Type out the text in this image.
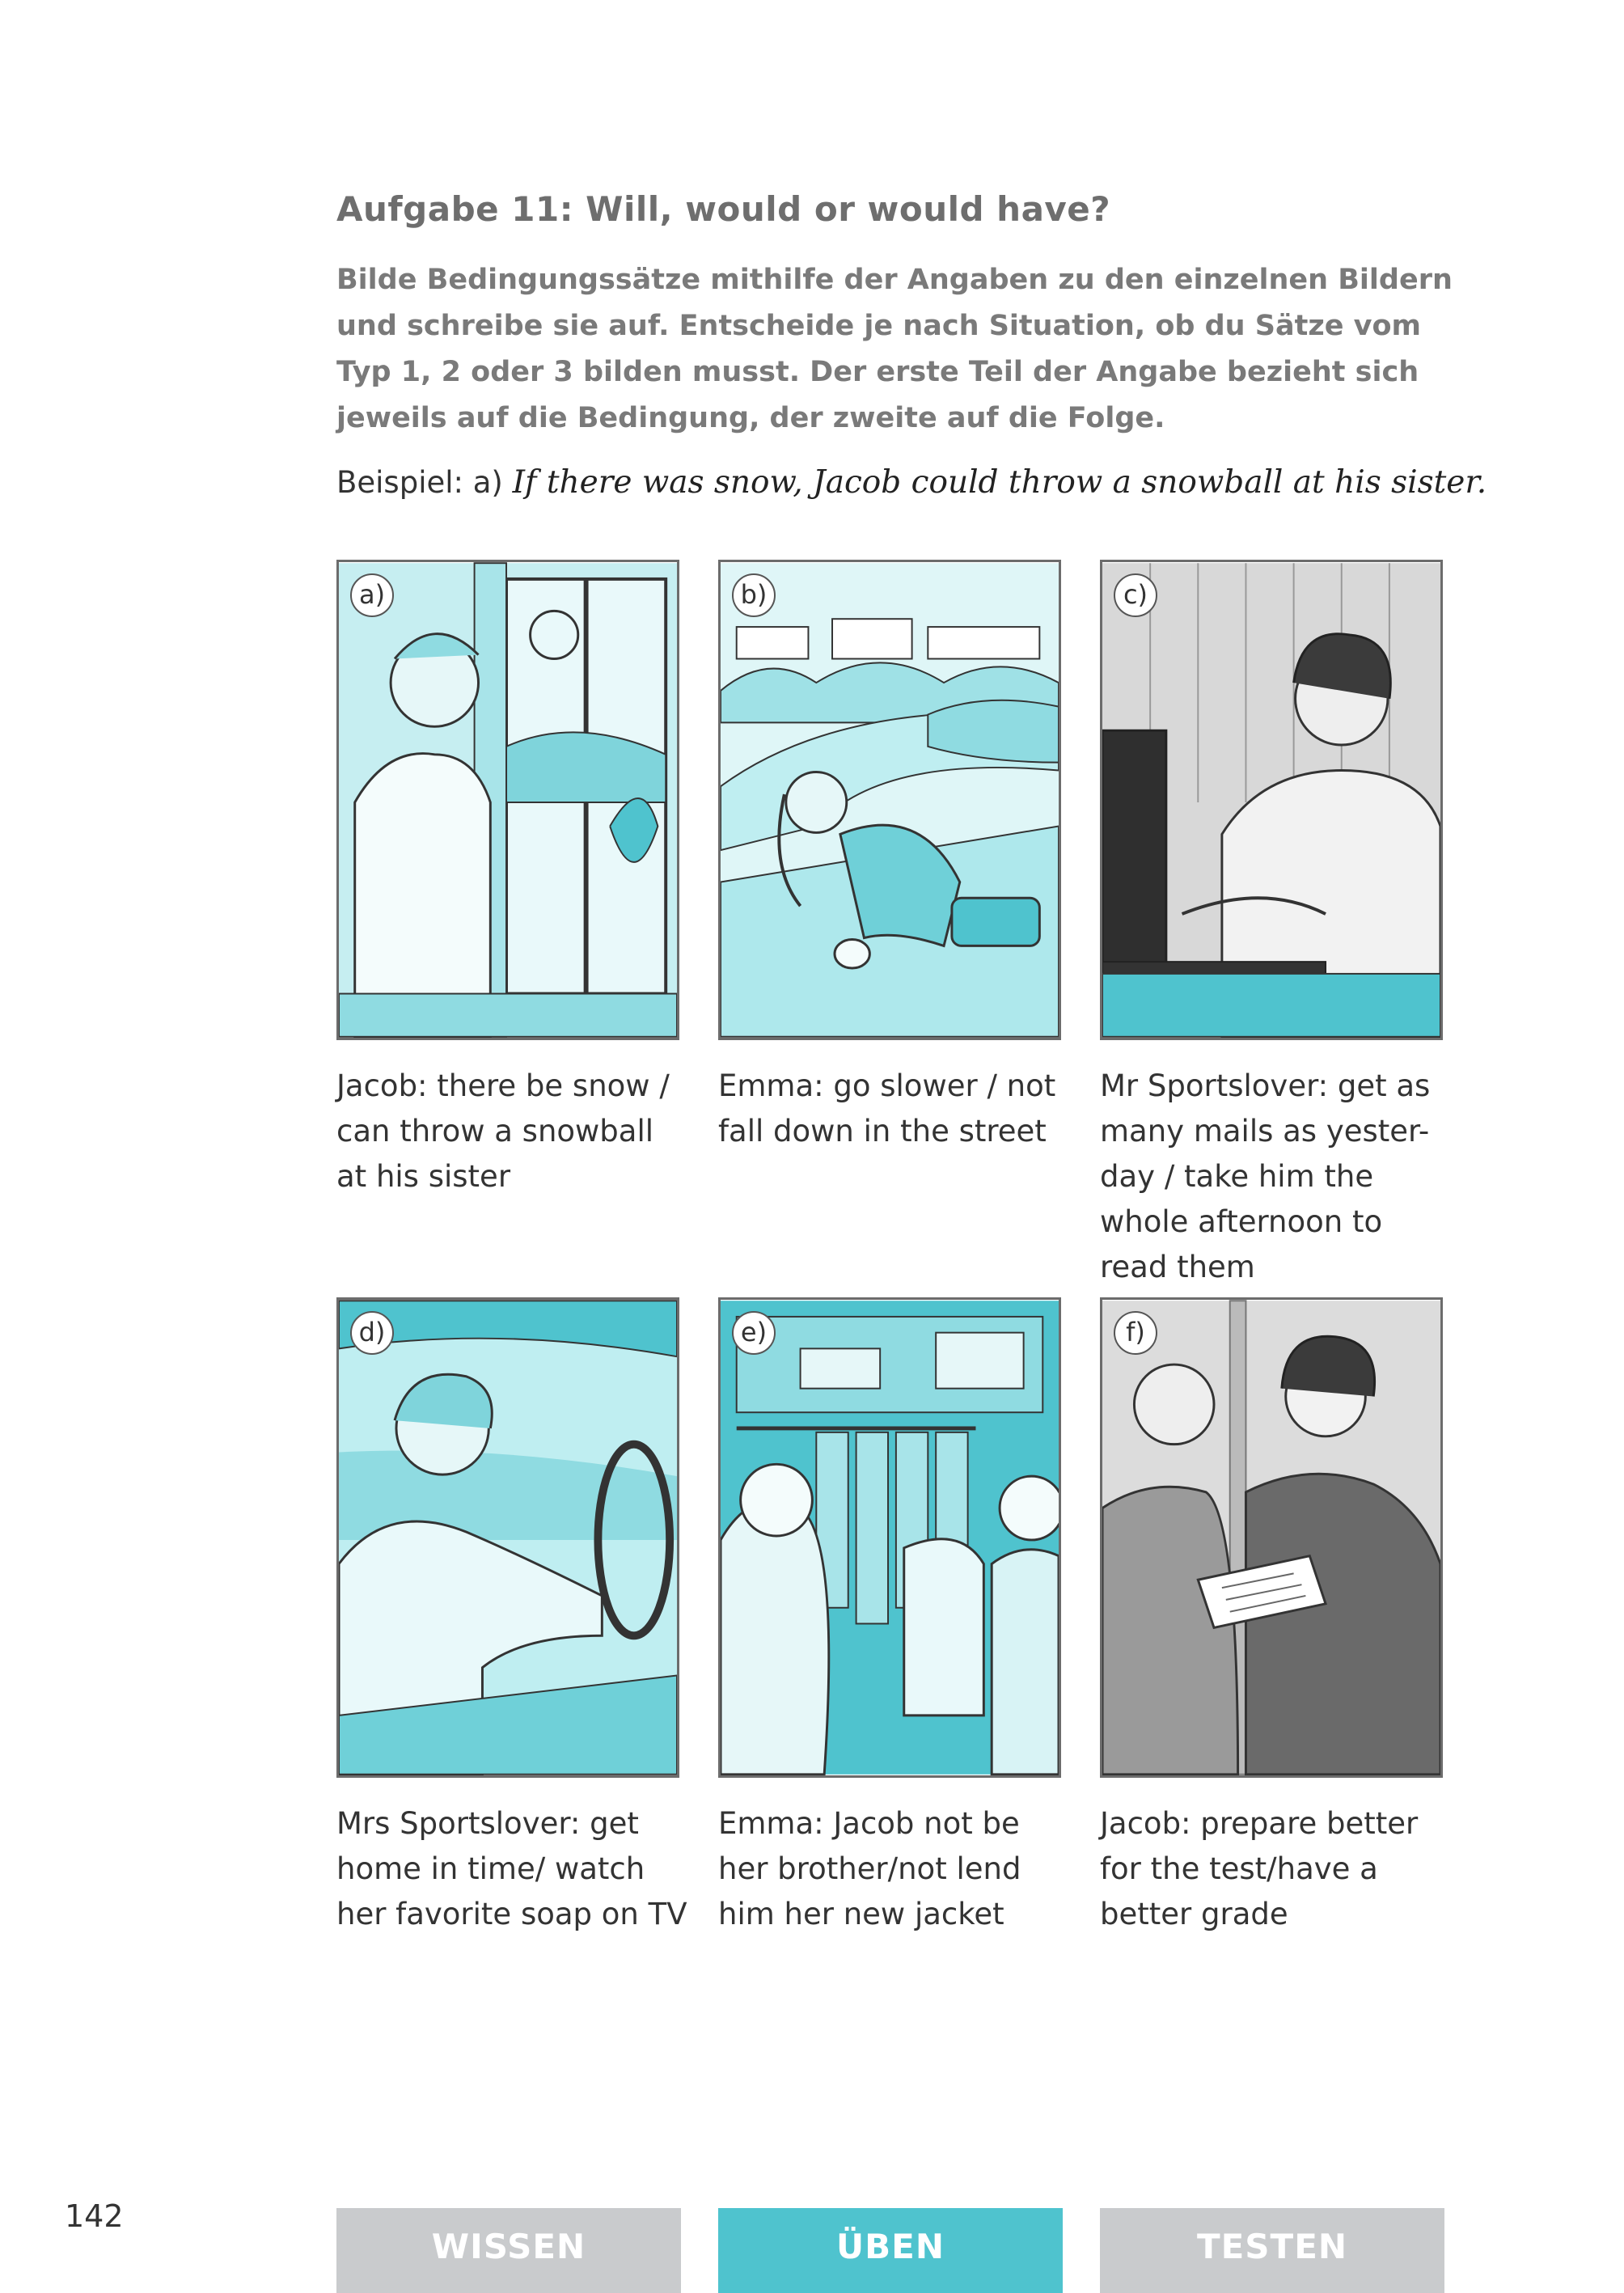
Aufgabe 11: Will, would or would have?
Bilde Bedingungssätze mithilfe der Angaben zu den einzelnen Bildern und schreibe sie auf. Entscheide je nach Situation, ob du Sätze vom Typ 1, 2 oder 3 bilden musst. Der erste Teil der Angabe bezieht sich jeweils auf die Bedingung, der zweite auf die Folge.
Beispiel: a) If there was snow, Jacob could throw a snowball at his sister.
a)
Jacob: there be snow / can throw a snowball at his sister
b)
Emma: go slower / not fall down in the street
c)
Mr Sportslover: get as many mails as yester-day / take him the whole afternoon to read them
d)
Mrs Sportslover: get home in time/ watch her favorite soap on TV
e)
Emma: Jacob not be her brother/not lend him her new jacket
f)
Jacob: prepare better for the test/have a better grade
142
WISSEN	ÜBEN	TESTEN
